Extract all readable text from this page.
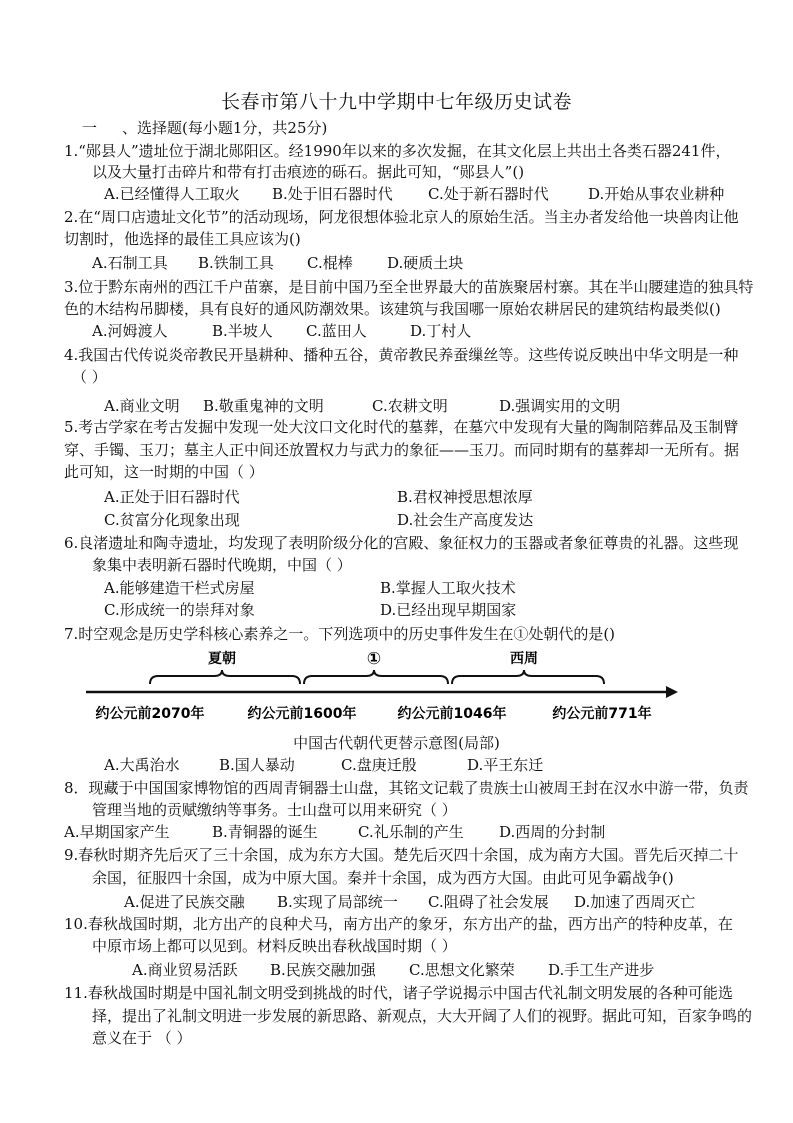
长春市第八十九中学期中七年级历史试卷
一 、选择题(每小题1分，共25分)
1.“郧县人”遗址位于湖北郧阳区。经1990年以来的多次发掘，在其文化层上共出土各类石器241件，
以及大量打击碎片和带有打击痕迹的砾石。据此可知，“郧县人”()
A.已经懂得人工取火 B.处于旧石器时代 C.处于新石器时代	D.开始从事农业耕种
2.在“周口店遗址文化节”的活动现场，阿龙很想体验北京人的原始生活。当主办者发给他一块兽肉让他
切割时，他选择的最佳工具应该为()
A.石制工具 B.铁制工具 C.棍棒 D.硬质土块
3.位于黔东南州的西江千户苗寨，是目前中国乃至全世界最大的苗族聚居村寨。其在半山腰建造的独具特
色的木结构吊脚楼，具有良好的通风防潮效果。该建筑与我国哪一原始农耕居民的建筑结构最类似()
A.河姆渡人	B.半坡人 C.蓝田人	D.丁村人
4.我国古代传说炎帝教民开垦耕种、播种五谷，黄帝教民养蚕缫丝等。这些传说反映出中华文明是一种
（ ）
A.商业文明 B.敬重鬼神的文明	C.农耕文明	D.强调实用的文明
5.考古学家在考古发掘中发现一处大汶口文化时代的墓葬，在墓穴中发现有大量的陶制陪葬品及玉制臂
穿、手镯、玉刀；墓主人正中间还放置权力与武力的象征——玉刀。而同时期有的墓葬却一无所有。据
此可知，这一时期的中国（ ）
A.正处于旧石器时代	B.君权神授思想浓厚
C.贫富分化现象出现	D.社会生产高度发达
6.良渚遗址和陶寺遗址，均发现了表明阶级分化的宫殿、象征权力的玉器或者象征尊贵的礼器。这些现
象集中表明新石器时代晚期，中国（ ）
A.能够建造干栏式房屋	B.掌握人工取火技术
C.形成统一的崇拜对象	D.已经出现早期国家
7.时空观念是历史学科核心素养之一。下列选项中的历史事件发生在①处朝代的是()
夏朝	①	西周
约公元前2070年	约公元前1600年	约公元前1046年	约公元前771年
中国古代朝代更替示意图(局部)
A.大禹治水	B.国人暴动	C.盘庚迁殷	D.平王东迁
8．现藏于中国国家博物馆的西周青铜器士山盘，其铭文记载了贵族士山被周王封在汉水中游一带，负责
管理当地的贡赋缴纳等事务。士山盘可以用来研究（ ）
A.早期国家产生	B.青铜器的诞生	C.礼乐制的产生 D.西周的分封制
9.春秋时期齐先后灭了三十余国，成为东方大国。楚先后灭四十余国，成为南方大国。晋先后灭掉二十
余国，征服四十余国，成为中原大国。秦并十余国，成为西方大国。由此可见争霸战争()
A.促进了民族交融 B.实现了局部统一 C.阻碍了社会发展 D.加速了西周灭亡
10.春秋战国时期，北方出产的良种犬马，南方出产的象牙，东方出产的盐，西方出产的特种皮革，在
中原市场上都可以见到。材料反映出春秋战国时期（ ）
A.商业贸易活跃 B.民族交融加强 C.思想文化繁荣 D.手工生产进步
11.春秋战国时期是中国礼制文明受到挑战的时代，诸子学说揭示中国古代礼制文明发展的各种可能选
择，提出了礼制文明进一步发展的新思路、新观点，大大开阔了人们的视野。据此可知，百家争鸣的
意义在于 （ ）
